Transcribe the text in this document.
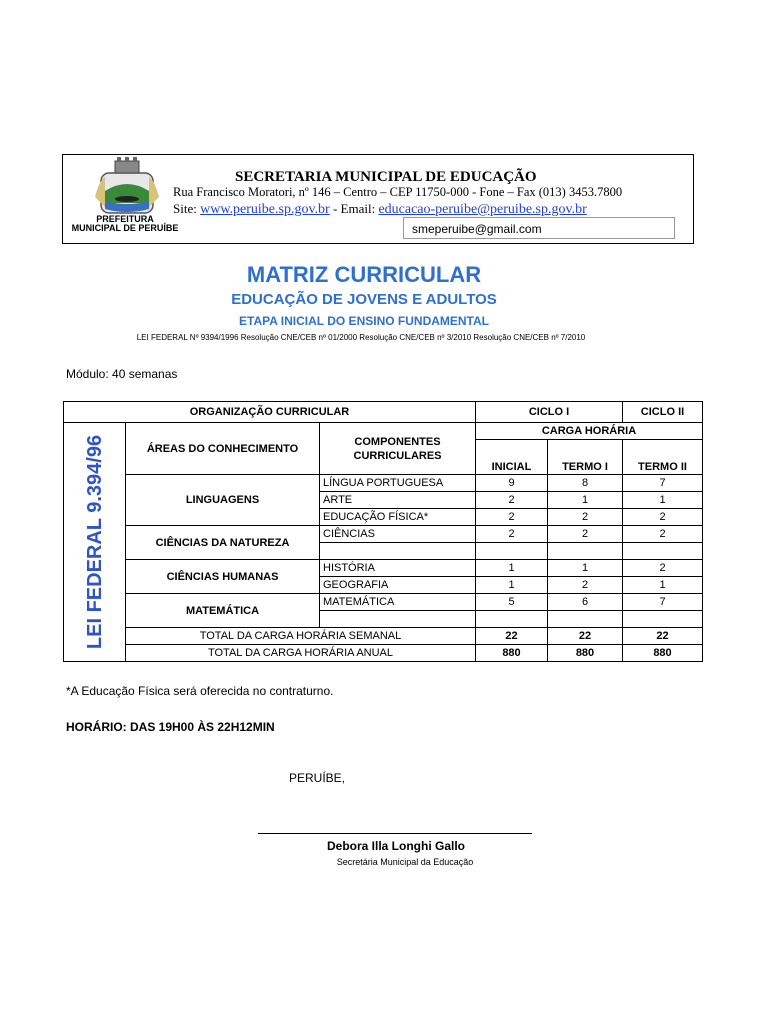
PREFEITURA
MUNICIPAL DE PERUÍBE
SECRETARIA MUNICIPAL DE EDUCAÇÃO
Rua Francisco Moratori, nº 146 – Centro – CEP 11750-000 - Fone – Fax (013) 3453.7800
Site: www.peruibe.sp.gov.br - Email: educacao-peruibe@peruibe.sp.gov.br
smeperuibe@gmail.com
MATRIZ CURRICULAR
EDUCAÇÃO DE JOVENS E ADULTOS
ETAPA INICIAL DO ENSINO FUNDAMENTAL
LEI FEDERAL Nº 9394/1996 Resolução CNE/CEB nº 01/2000 Resolução CNE/CEB nº 3/2010 Resolução CNE/CEB nº 7/2010
Módulo: 40 semanas
ORGANIZAÇÃO CURRICULAR			CICLO I		CICLO II

LEI FEDERAL 9.394/96	ÁREAS DO CONHECIMENTO	COMPONENTES CURRICULARES	CARGA HORÁRIA		
			INICIAL	TERMO I	TERMO II
	LINGUAGENS	LÍNGUA PORTUGUESA	9	8	7
		ARTE	2	1	1
		EDUCAÇÃO FÍSICA*	2	2	2
	CIÊNCIAS DA NATUREZA	CIÊNCIAS	2	2	2

	CIÊNCIAS HUMANAS	HISTÓRIA	1	1	2
		GEOGRAFIA	1	2	1
	MATEMÁTICA	MATEMÁTICA	5	6	7

	TOTAL DA CARGA HORÁRIA SEMANAL		22	22	22
	TOTAL DA CARGA HORÁRIA ANUAL		880	880	880
*A Educação Física será oferecida no contraturno.
HORÁRIO: DAS 19H00 ÀS 22H12MIN
PERUÍBE,
Debora Illa Longhi Gallo
Secretária Municipal da Educação
